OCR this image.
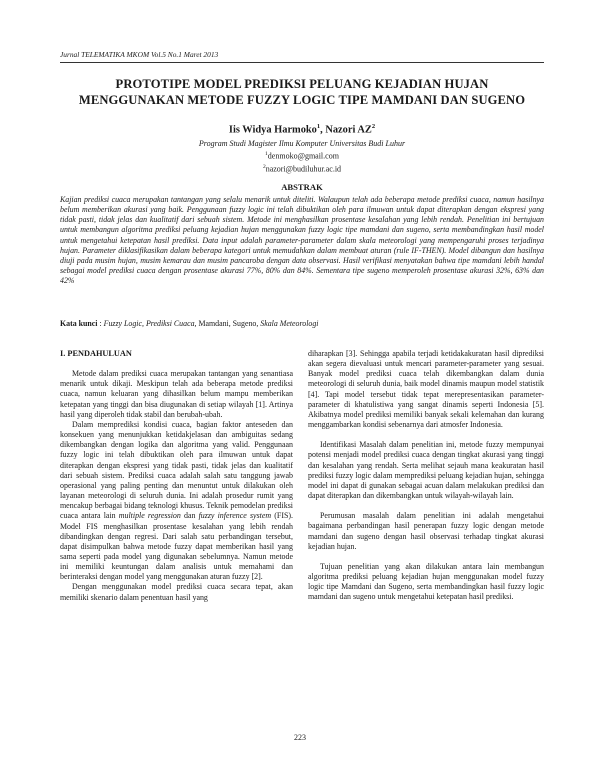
Jurnal TELEMATIKA MKOM Vol.5 No.1 Maret 2013
PROTOTIPE MODEL PREDIKSI PELUANG KEJADIAN HUJAN
MENGGUNAKAN METODE FUZZY LOGIC TIPE MAMDANI DAN SUGENO
Iis Widya Harmoko$^1$, Nazori $AZ^2$
Program Studi Magister Ilmu Komputer Universitas Budi Luhur
$^1$denmoko@gmail.com
$^2$nazori@budiluhur.ac.id
ABSTRAK
Kajian prediksi cuaca merupakan tantangan yang selalu menarik untuk diteliti. Walaupun telah ada beberapa metode prediksi cuaca, namun hasilnya belum memberikan akurasi yang baik. Penggunaan fuzzy logic ini telah dibuktikan oleh para ilmuwan untuk dapat diterapkan dengan ekspresi yang tidak pasti, tidak jelas dan kualitatif dari sebuah sistem. Metode ini menghasilkan prosentase kesalahan yang lebih rendah. Penelitian ini bertujuan untuk membangun algoritma prediksi peluang kejadian hujan menggunakan fuzzy logic tipe mamdani dan sugeno, serta membandingkan hasil model untuk mengetahui ketepatan hasil prediksi. Data input adalah parameter-parameter dalam skala meteorologi yang mempengaruhi proses terjadinya hujan. Parameter diklasifikasikan dalam beberapa kategori untuk memudahkan dalam membuat aturan (rule IF-THEN). Model dibangun dan hasilnya diuji pada musim hujan, musim kemarau dan musim pancaroba dengan data observasi. Hasil verifikasi menyatakan bahwa tipe mamdani lebih handal sebagai model prediksi cuaca dengan prosentase akurasi 77%, 80% dan 84%. Sementara tipe sugeno memperoleh prosentase akurasi 32%, 63% dan 42%
Kata kunci : Fuzzy Logic, Prediksi Cuaca, Mamdani, Sugeno, Skala Meteorologi

I. PENDAHULUAN

Metode dalam prediksi cuaca merupakan tantangan yang senantiasa menarik untuk dikaji. Meskipun telah ada beberapa metode prediksi cuaca, namun keluaran yang dihasilkan belum mampu memberikan ketepatan yang tinggi dan bisa diugunakan di setiap wilayah [1]. Artinya hasil yang diperoleh tidak stabil dan berubah-ubah.

Dalam memprediksi kondisi cuaca, bagian faktor anteseden dan konsekuen yang menunjukkan ketidakjelasan dan ambiguitas sedang dikembangkan dengan logika dan algoritma yang valid. Penggunaan fuzzy logic ini telah dibuktikan oleh para ilmuwan untuk dapat diterapkan dengan ekspresi yang tidak pasti, tidak jelas dan kualitatif dari sebuah sistem. Prediksi cuaca adalah salah satu tanggung jawab operasional yang paling penting dan menuntut untuk dilakukan oleh layanan meteorologi di seluruh dunia. Ini adalah prosedur rumit yang mencakup berbagai bidang teknologi khusus. Teknik pemodelan prediksi cuaca antara lain multiple regression dan fuzzy inference system (FIS). Model FIS menghasilkan prosentase kesalahan yang lebih rendah dibandingkan dengan regresi. Dari salah satu perbandingan tersebut, dapat disimpulkan bahwa metode fuzzy dapat memberikan hasil yang sama seperti pada model yang digunakan sebelumnya. Namun metode ini memiliki keuntungan dalam analisis untuk memahami dan berinteraksi dengan model yang menggunakan aturan fuzzy [2].

Dengan menggunakan model prediksi cuaca secara tepat, akan memiliki skenario dalam penentuan hasil yang

diharapkan [3]. Sehingga apabila terjadi ketidakakuratan hasil diprediksi akan segera dievaluasi untuk mencari parameter-parameter yang sesuai. Banyak model prediksi cuaca telah dikembangkan dalam dunia meteorologi di seluruh dunia, baik model dinamis maupun model statistik [4]. Tapi model tersebut tidak tepat merepresentasikan parameter-parameter di khatulistiwa yang sangat dinamis seperti Indonesia [5]. Akibatnya model prediksi memiliki banyak sekali kelemahan dan kurang menggambarkan kondisi sebenarnya dari atmosfer Indonesia.

Identifikasi Masalah dalam penelitian ini, metode fuzzy mempunyai potensi menjadi model prediksi cuaca dengan tingkat akurasi yang tinggi dan kesalahan yang rendah. Serta melihat sejauh mana keakuratan hasil prediksi fuzzy logic dalam memprediksi peluang kejadian hujan, sehingga model ini dapat di gunakan sebagai acuan dalam melakukan prediksi dan dapat diterapkan dan dikembangkan untuk wilayah-wilayah lain.

Perumusan masalah dalam penelitian ini adalah mengetahui bagaimana perbandingan hasil penerapan fuzzy logic dengan metode mamdani dan sugeno dengan hasil observasi terhadap tingkat akurasi kejadian hujan.

Tujuan penelitian yang akan dilakukan antara lain membangun algoritma prediksi peluang kejadian hujan menggunakan model fuzzy logic tipe Mamdani dan Sugeno, serta membandingkan hasil fuzzy logic mamdani dan sugeno untuk mengetahui ketepatan hasil prediksi.

223
